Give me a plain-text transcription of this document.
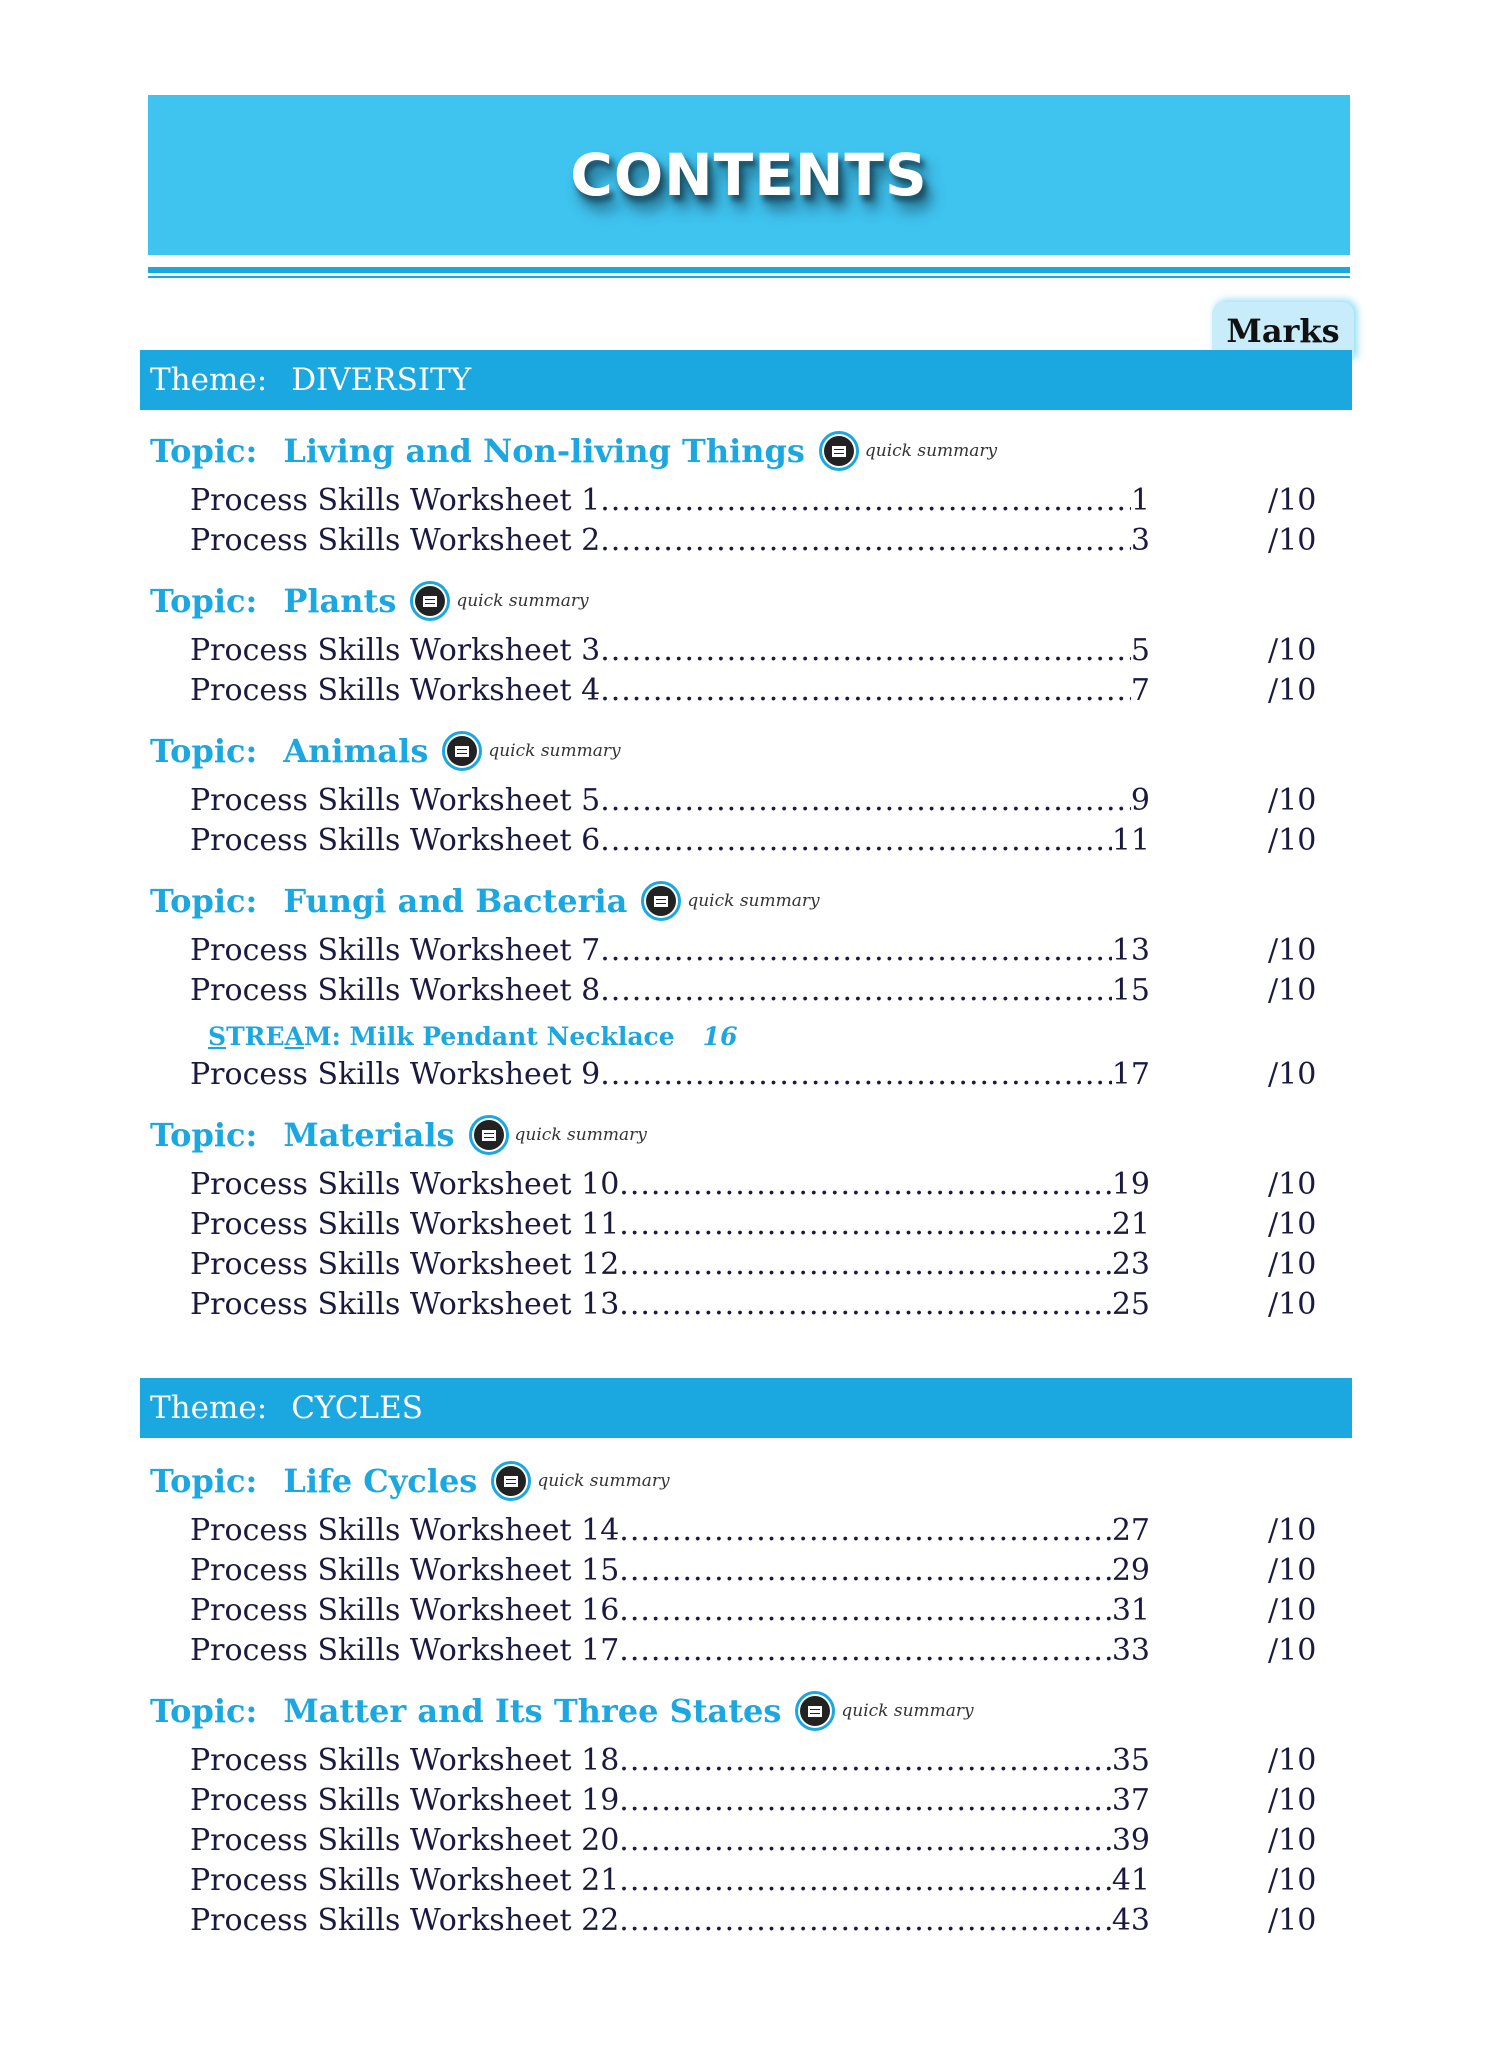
CONTENTS
Marks
Theme: DIVERSITY
Topic: Living and Non-living Things	quick summary
Process Skills Worksheet 1 .....	1	/10
Process Skills Worksheet 2 .....	3	/10
Topic: Plants	quick summary
Process Skills Worksheet 3 .....	5	/10
Process Skills Worksheet 4 .....	7	/10
Topic: Animals	quick summary
Process Skills Worksheet 5 .....	9	/10
Process Skills Worksheet 6 .....	11	/10
Topic: Fungi and Bacteria	quick summary
Process Skills Worksheet 7 .....	13	/10
Process Skills Worksheet 8 .....	15	/10
S TRE A M : Milk Pendant Necklace 16
Process Skills Worksheet 9 .....	17	/10
Topic: Materials	quick summary
Process Skills Worksheet 10 .....	19	/10
Process Skills Worksheet 11 .....	21	/10
Process Skills Worksheet 12 .....	23	/10
Process Skills Worksheet 13 .....	25	/10
Theme: CYCLES
Topic: Life Cycles	quick summary
Process Skills Worksheet 14 .....	27	/10
Process Skills Worksheet 15 .....	29	/10
Process Skills Worksheet 16 .....	31	/10
Process Skills Worksheet 17 .....	33	/10
Topic: Matter and Its Three States	quick summary
Process Skills Worksheet 18 .....	35	/10
Process Skills Worksheet 19 .....	37	/10
Process Skills Worksheet 20 .....	39	/10
Process Skills Worksheet 21 .....	41	/10
Process Skills Worksheet 22 .....	43	/10
